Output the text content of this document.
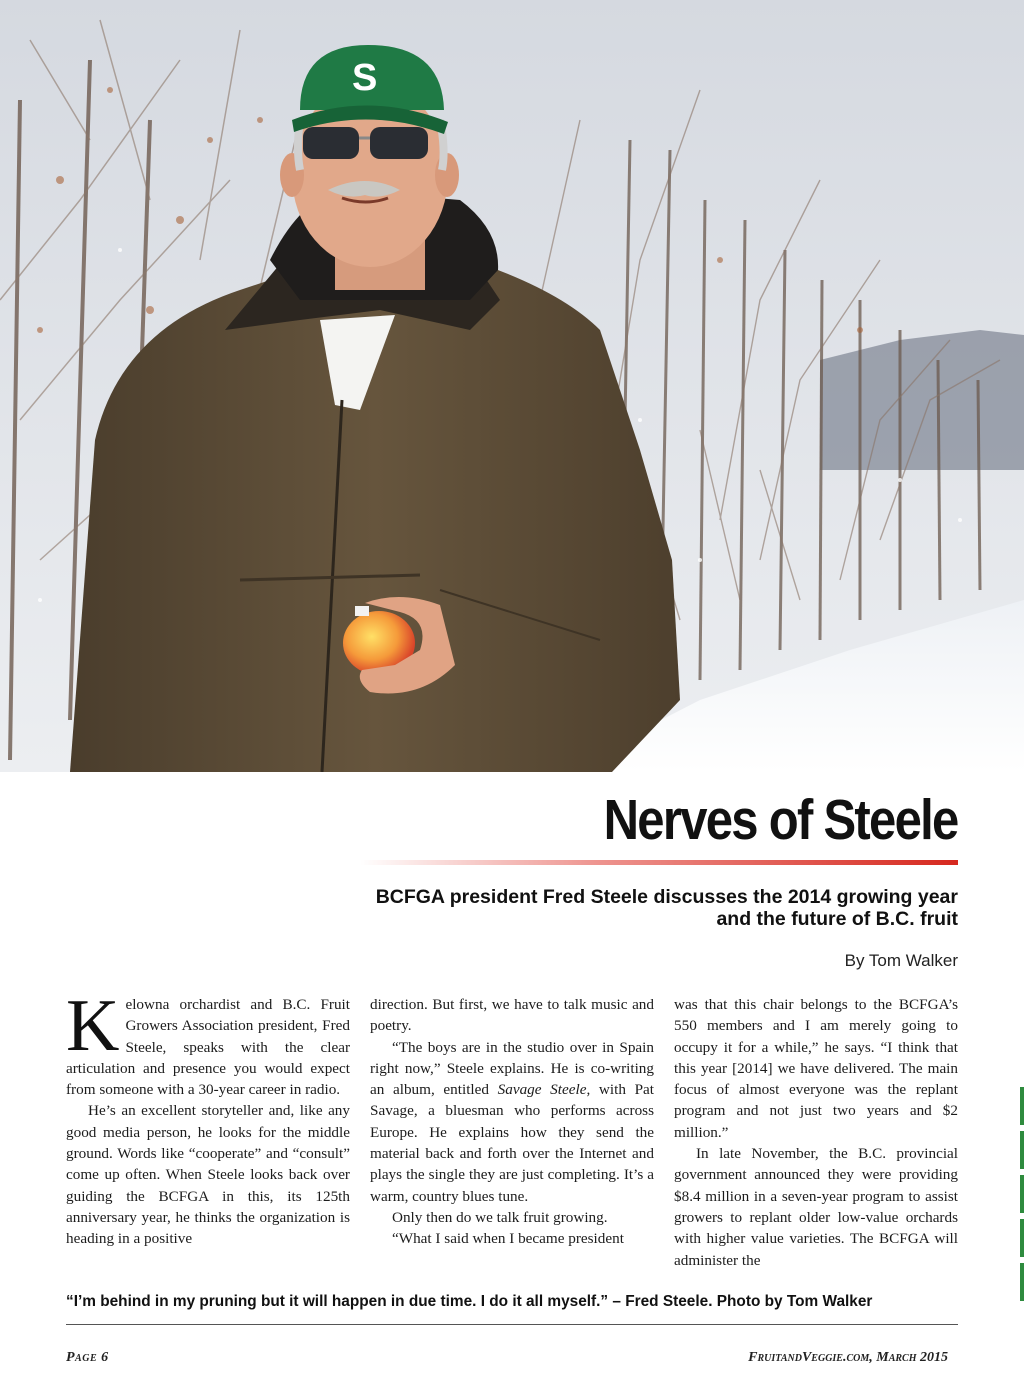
S
Nerves of Steele
BCFGA president Fred Steele discusses the 2014 growing year
and the future of B.C. fruit
By Tom Walker

Kelowna orchardist and B.C. Fruit Growers Association president, Fred Steele, speaks with the clear articulation and presence you would expect from someone with a 30-year career in radio.

He’s an excellent storyteller and, like any good media person, he looks for the middle ground. Words like “cooperate” and “consult” come up often. When Steele looks back over guiding the BCFGA in this, its 125th anniversary year, he thinks the organization is heading in a positive

direction. But first, we have to talk music and poetry.

“The boys are in the studio over in Spain right now,” Steele explains. He is co-writing an album, entitled Savage Steele, with Pat Savage, a bluesman who performs across Europe. He explains how they send the material back and forth over the Internet and plays the single they are just completing. It’s a warm, country blues tune.

Only then do we talk fruit growing.

“What I said when I became president

was that this chair belongs to the BCFGA’s 550 members and I am merely going to occupy it for a while,” he says. “I think that this year [2014] we have delivered. The main focus of almost everyone was the replant program and not just two years and $2 million.”

In late November, the B.C. provincial government announced they were providing $8.4 million in a seven-year program to assist growers to replant older low-value orchards with higher value varieties. The BCFGA will administer the

“I’m behind in my pruning but it will happen in due time. I do it all myself.” – Fred Steele. Photo by Tom Walker
Page 6	FruitandVeggie.com, March 2015
